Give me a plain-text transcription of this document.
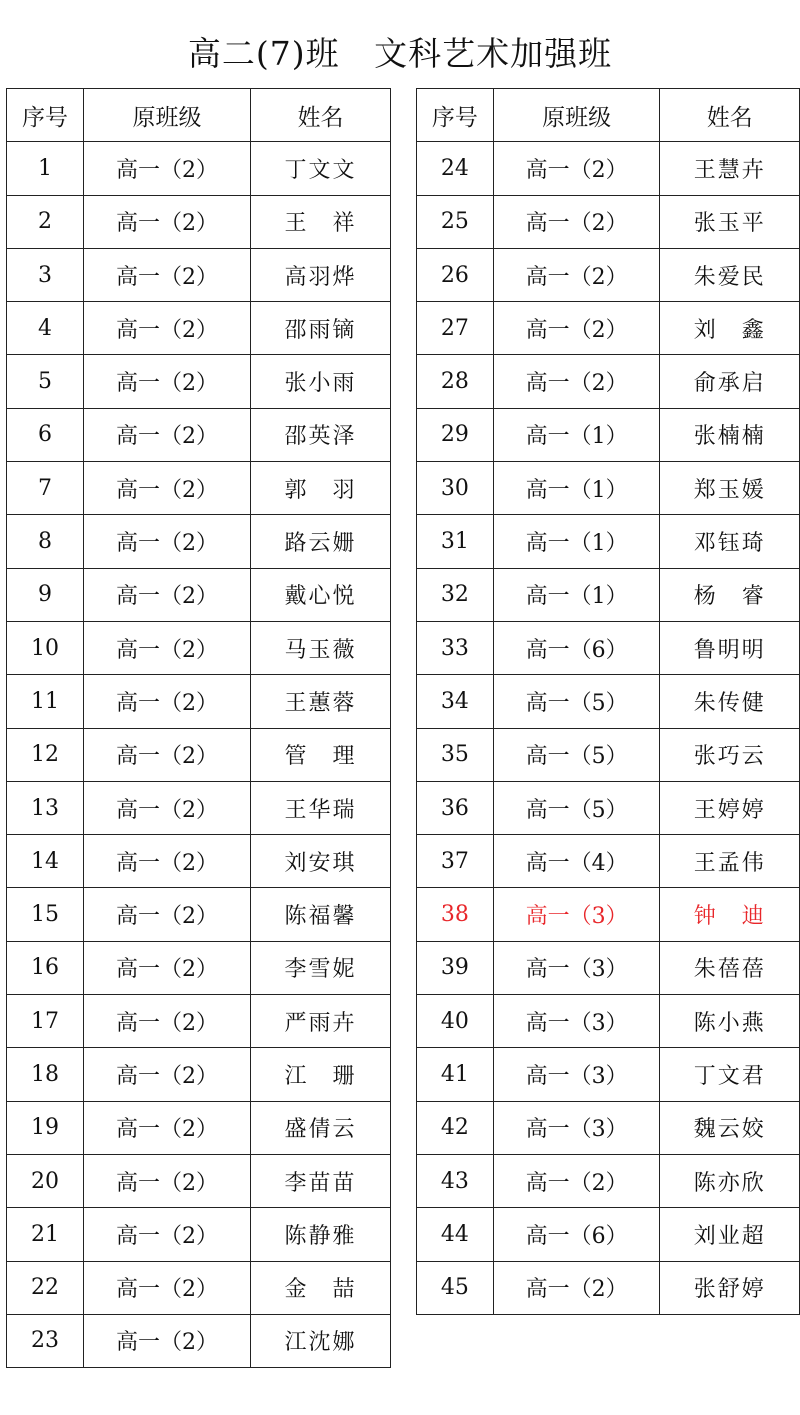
高二(7)班   文科艺术加强班
序号	原班级	姓名
1	高一（2）	丁文文
2	高一（2）	王　祥
3	高一（2）	高羽烨
4	高一（2）	邵雨镝
5	高一（2）	张小雨
6	高一（2）	邵英泽
7	高一（2）	郭　羽
8	高一（2）	路云姗
9	高一（2）	戴心悦
10	高一（2）	马玉薇
11	高一（2）	王蕙蓉
12	高一（2）	管　理
13	高一（2）	王华瑞
14	高一（2）	刘安琪
15	高一（2）	陈福馨
16	高一（2）	李雪妮
17	高一（2）	严雨卉
18	高一（2）	江　珊
19	高一（2）	盛倩云
20	高一（2）	李苗苗
21	高一（2）	陈静雅
22	高一（2）	金　喆
23	高一（2）	江沈娜
序号	原班级	姓名
24	高一（2）	王慧卉
25	高一（2）	张玉平
26	高一（2）	朱爱民
27	高一（2）	刘　鑫
28	高一（2）	俞承启
29	高一（1）	张楠楠
30	高一（1）	郑玉媛
31	高一（1）	邓钰琦
32	高一（1）	杨　睿
33	高一（6）	鲁明明
34	高一（5）	朱传健
35	高一（5）	张巧云
36	高一（5）	王婷婷
37	高一（4）	王孟伟
38	高一（3）	钟　迪
39	高一（3）	朱蓓蓓
40	高一（3）	陈小燕
41	高一（3）	丁文君
42	高一（3）	魏云姣
43	高一（2）	陈亦欣
44	高一（6）	刘业超
45	高一（2）	张舒婷
